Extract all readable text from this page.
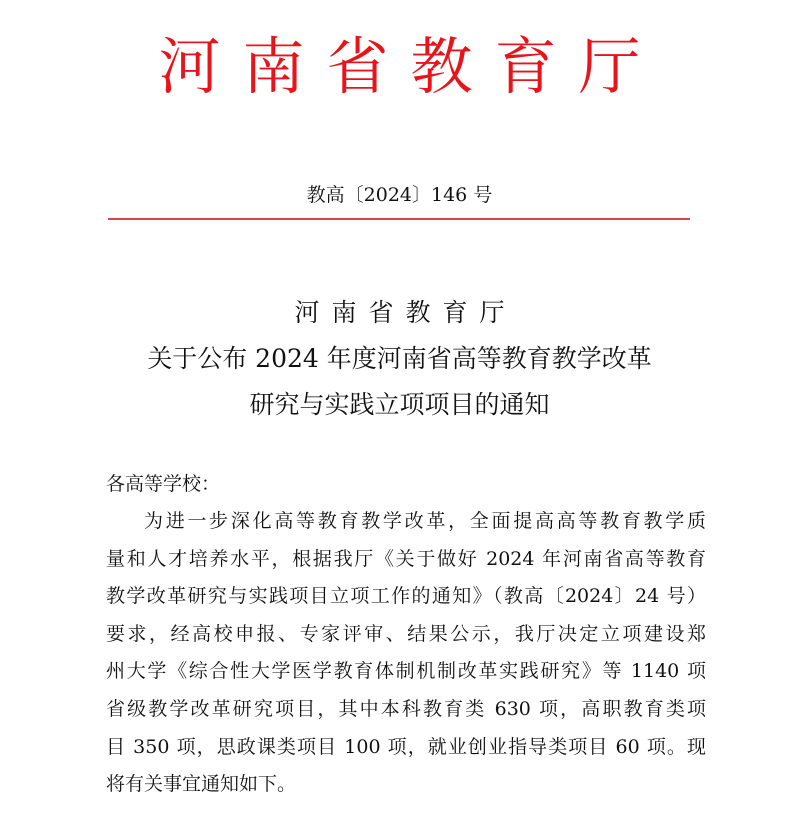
河南省教育厅
教高〔2024〕146 号
河南省教育厅
关于公布 2024 年度河南省高等教育教学改革
研究与实践立项项目的通知
各高等学校：
为进一步深化高等教育教学改革，全面提高高等教育教学质
量和人才培养水平，根据我厅《关于做好 2024 年河南省高等教育
教学改革研究与实践项目立项工作的通知》（教高〔2024〕24 号）
要求，经高校申报、专家评审、结果公示，我厅决定立项建设郑
州大学《综合性大学医学教育体制机制改革实践研究》等 1140 项
省级教学改革研究项目，其中本科教育类 630 项，高职教育类项
目 350 项，思政课类项目 100 项，就业创业指导类项目 60 项。现
将有关事宜通知如下。
